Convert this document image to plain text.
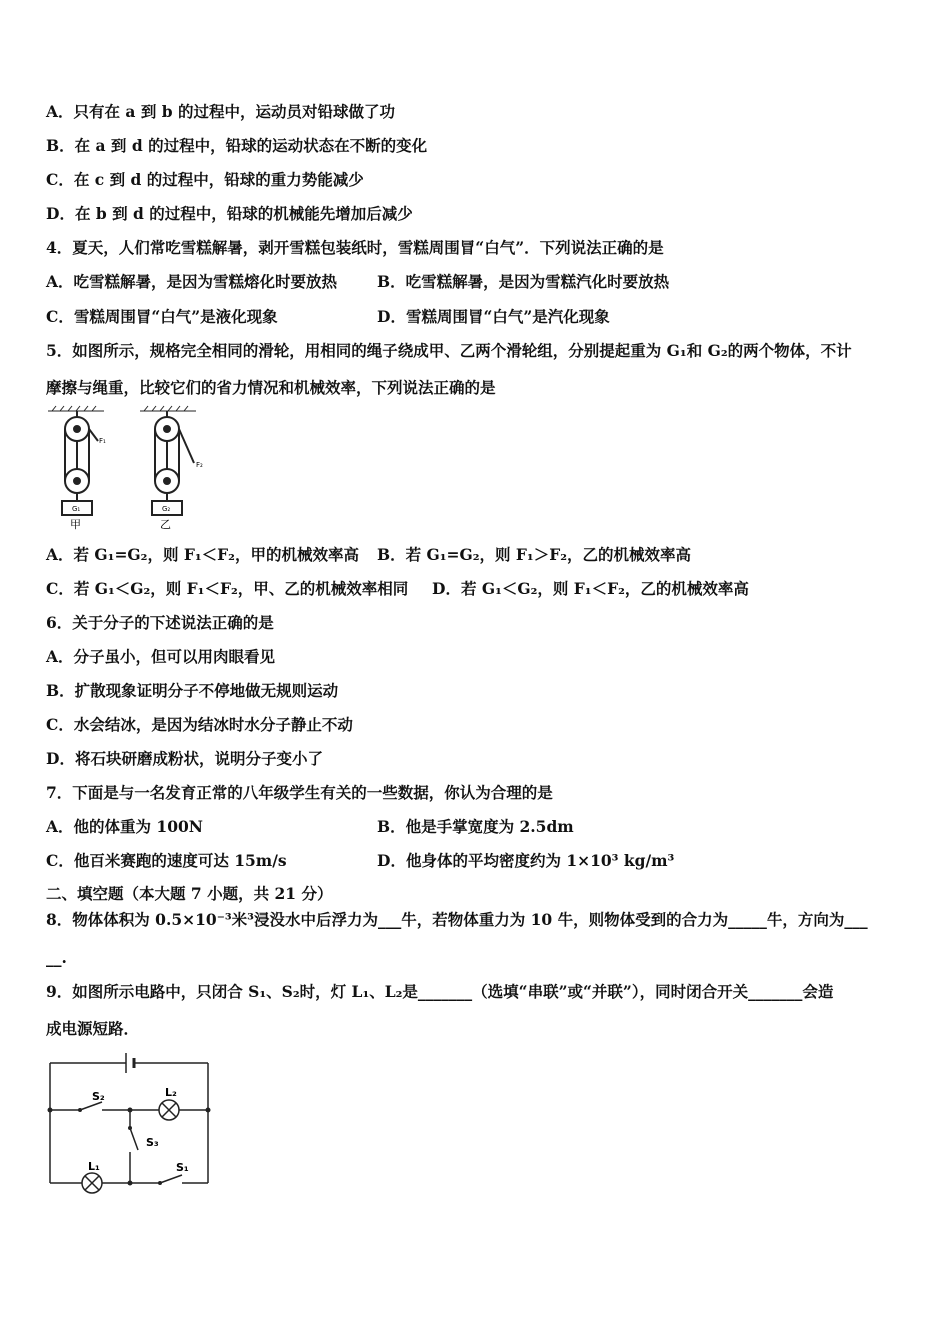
A．只有在 a 到 b 的过程中，运动员对铅球做了功
B．在 a 到 d 的过程中，铅球的运动状态在不断的变化
C．在 c 到 d 的过程中，铅球的重力势能减少
D．在 b 到 d 的过程中，铅球的机械能先增加后减少
4．夏天，人们常吃雪糕解暑，剥开雪糕包装纸时，雪糕周围冒“白气”．下列说法正确的是
A．吃雪糕解暑，是因为雪糕熔化时要放热	B．吃雪糕解暑，是因为雪糕汽化时要放热
C．雪糕周围冒“白气”是液化现象	D．雪糕周围冒“白气”是汽化现象
5．如图所示，规格完全相同的滑轮，用相同的绳子绕成甲、乙两个滑轮组，分别提起重为 G₁和 G₂的两个物体，不计
摩擦与绳重，比较它们的省力情况和机械效率，下列说法正确的是
F₁
F₂
G₁	G₂
甲	乙
A．若 G₁=G₂，则 F₁＜F₂，甲的机械效率高 B．若 G₁=G₂，则 F₁＞F₂，乙的机械效率高
C．若 G₁＜G₂，则 F₁＜F₂，甲、乙的机械效率相同 D．若 G₁＜G₂，则 F₁＜F₂，乙的机械效率高
6．关于分子的下述说法正确的是
A．分子虽小，但可以用肉眼看见
B．扩散现象证明分子不停地做无规则运动
C．水会结冰，是因为结冰时水分子静止不动
D．将石块研磨成粉状，说明分子变小了
7．下面是与一名发育正常的八年级学生有关的一些数据，你认为合理的是
A．他的体重为 100N	B．他是手掌宽度为 2.5dm
C．他百米赛跑的速度可达 15m/s	D．他身体的平均密度约为 1×10³ kg/m³
二、填空题（本大题 7 小题，共 21 分）
8．物体体积为 0.5×10⁻³米³浸没水中后浮力为___牛，若物体重力为 10 牛，则物体受到的合力为_____牛，方向为___
__.
9．如图所示电路中，只闭合 S₁、S₂时，灯 L₁、L₂是_______（选填“串联”或“并联”），同时闭合开关_______会造
成电源短路．
S₂	L₂
S₃
L₁	S₁
